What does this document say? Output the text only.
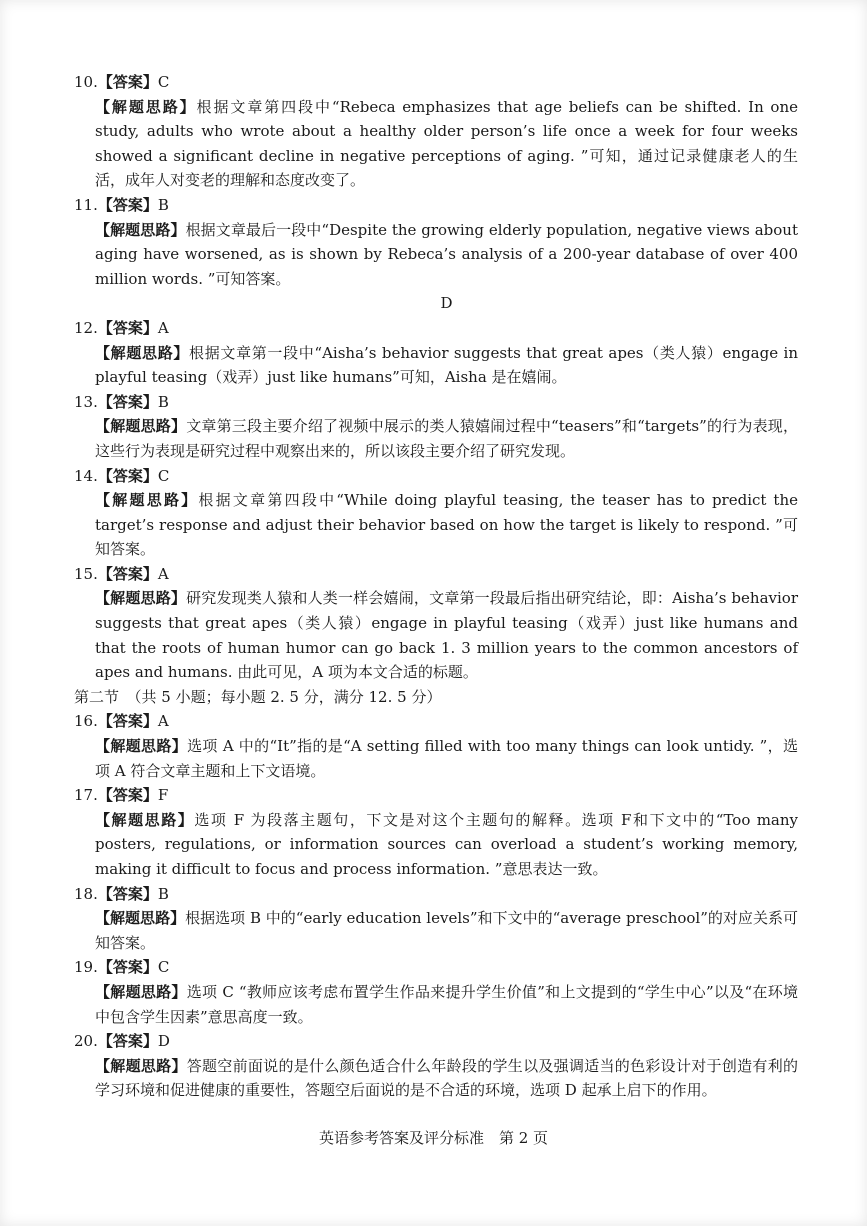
10.【答案】C

【解题思路】根据文章第四段中“Rebeca emphasizes that age beliefs can be shifted. In one study, adults who wrote about a healthy older person’s life once a week for four weeks showed a significant decline in negative perceptions of aging. ”可知，通过记录健康老人的生活，成年人对变老的理解和态度改变了。

11.【答案】B

【解题思路】根据文章最后一段中“Despite the growing elderly population, negative views about aging have worsened, as is shown by Rebeca’s analysis of a 200-year database of over 400 million words. ”可知答案。

D

12.【答案】A

【解题思路】根据文章第一段中“Aisha’s behavior suggests that great apes（类人猿）engage in playful teasing（戏弄）just like humans”可知，Aisha 是在嬉闹。

13.【答案】B

【解题思路】文章第三段主要介绍了视频中展示的类人猿嬉闹过程中“teasers”和“targets”的行为表现，这些行为表现是研究过程中观察出来的，所以该段主要介绍了研究发现。

14.【答案】C

【解题思路】根据文章第四段中“While doing playful teasing, the teaser has to predict the target’s response and adjust their behavior based on how the target is likely to respond. ”可知答案。

15.【答案】A

【解题思路】研究发现类人猿和人类一样会嬉闹，文章第一段最后指出研究结论，即：Aisha’s behavior suggests that great apes（类人猿）engage in playful teasing（戏弄）just like humans and that the roots of human humor can go back 1. 3 million years to the common ancestors of apes and humans. 由此可见，A 项为本文合适的标题。

第二节　（共 5 小题；每小题 2. 5 分，满分 12. 5 分）

16.【答案】A

【解题思路】选项 A 中的“It”指的是“A setting filled with too many things can look untidy. ”，选项 A 符合文章主题和上下文语境。

17.【答案】F

【解题思路】选项 F 为段落主题句，下文是对这个主题句的解释。选项 F和下文中的“Too many posters, regulations, or information sources can overload a student’s working memory, making it difficult to focus and process information. ”意思表达一致。

18.【答案】B

【解题思路】根据选项 B 中的“early education levels”和下文中的“average preschool”的对应关系可知答案。

19.【答案】C

【解题思路】选项 C “教师应该考虑布置学生作品来提升学生价值”和上文提到的“学生中心”以及“在环境中包含学生因素”意思高度一致。

20.【答案】D

【解题思路】答题空前面说的是什么颜色适合什么年龄段的学生以及强调适当的色彩设计对于创造有利的学习环境和促进健康的重要性，答题空后面说的是不合适的环境，选项 D 起承上启下的作用。

英语参考答案及评分标准　第 2 页
